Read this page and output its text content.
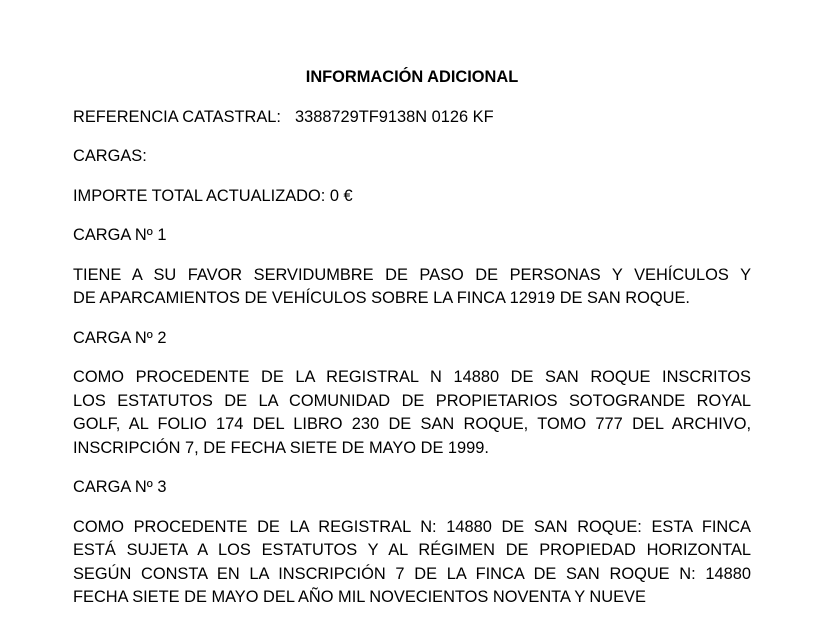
INFORMACIÓN ADICIONAL
REFERENCIA CATASTRAL: 3388729TF9138N 0126 KF
CARGAS:
IMPORTE TOTAL ACTUALIZADO: 0 €
CARGA Nº 1
TIENE A SU FAVOR SERVIDUMBRE DE PASO DE PERSONAS Y VEHÍCULOS Y
DE APARCAMIENTOS DE VEHÍCULOS SOBRE LA FINCA 12919 DE SAN ROQUE.
CARGA Nº 2
COMO PROCEDENTE DE LA REGISTRAL N 14880 DE SAN ROQUE INSCRITOS
LOS ESTATUTOS DE LA COMUNIDAD DE PROPIETARIOS SOTOGRANDE ROYAL
GOLF, AL FOLIO 174 DEL LIBRO 230 DE SAN ROQUE, TOMO 777 DEL ARCHIVO,
INSCRIPCIÓN 7, DE FECHA SIETE DE MAYO DE 1999.
CARGA Nº 3
COMO PROCEDENTE DE LA REGISTRAL N: 14880 DE SAN ROQUE: ESTA FINCA
ESTÁ SUJETA A LOS ESTATUTOS Y AL RÉGIMEN DE PROPIEDAD HORIZONTAL
SEGÚN CONSTA EN LA INSCRIPCIÓN 7 DE LA FINCA DE SAN ROQUE N: 14880
FECHA SIETE DE MAYO DEL AÑO MIL NOVECIENTOS NOVENTA Y NUEVE
